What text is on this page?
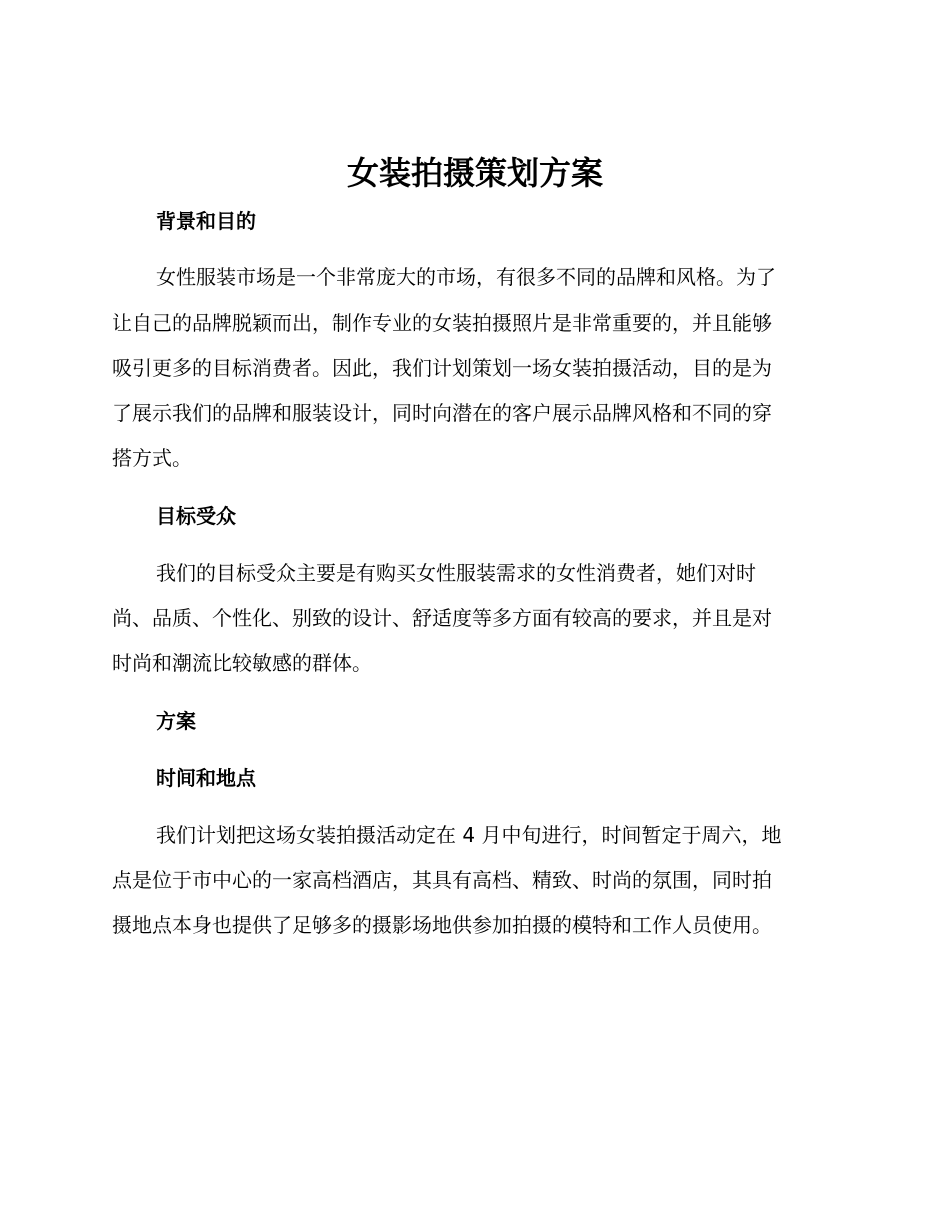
女装拍摄策划方案
背景和目的
女性服装市场是一个非常庞大的市场，有很多不同的品牌和风格。为了
让自己的品牌脱颖而出，制作专业的女装拍摄照片是非常重要的，并且能够
吸引更多的目标消费者。因此，我们计划策划一场女装拍摄活动，目的是为
了展示我们的品牌和服装设计，同时向潜在的客户展示品牌风格和不同的穿
搭方式。
目标受众
我们的目标受众主要是有购买女性服装需求的女性消费者，她们对时
尚、品质、个性化、别致的设计、舒适度等多方面有较高的要求，并且是对
时尚和潮流比较敏感的群体。
方案
时间和地点
我们计划把这场女装拍摄活动定在 4 月中旬进行，时间暂定于周六，地
点是位于市中心的一家高档酒店，其具有高档、精致、时尚的氛围，同时拍
摄地点本身也提供了足够多的摄影场地供参加拍摄的模特和工作人员使用。
